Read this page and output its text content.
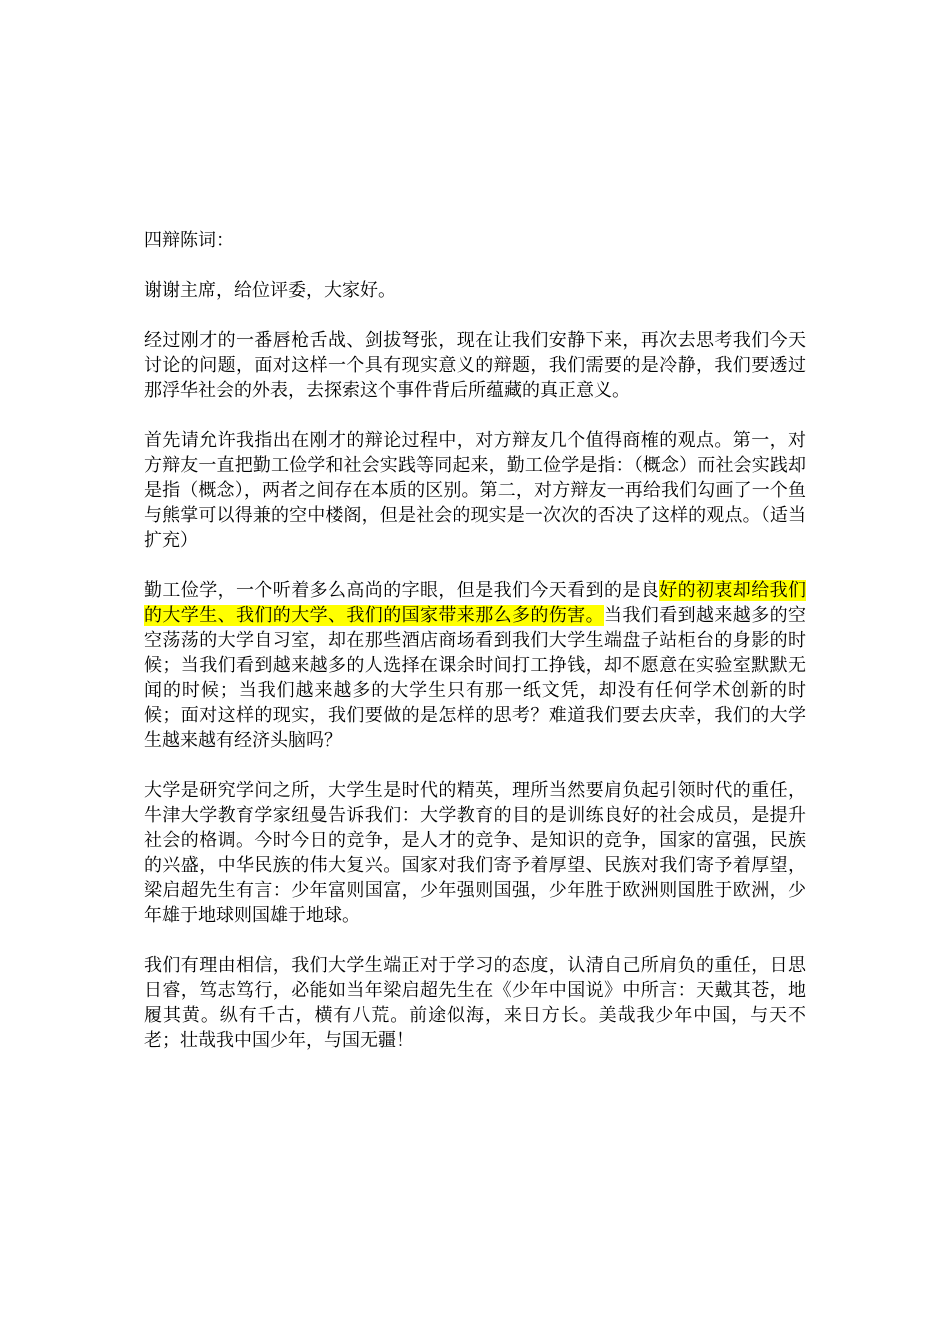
四辩陈词：

谢谢主席，给位评委，大家好。

经过刚才的一番唇枪舌战、剑拔弩张，现在让我们安静下来，再次去思考我们今天讨论的问题，面对这样一个具有现实意义的辩题，我们需要的是冷静，我们要透过那浮华社会的外表，去探索这个事件背后所蕴藏的真正意义。

首先请允许我指出在刚才的辩论过程中，对方辩友几个值得商榷的观点。第一，对方辩友一直把勤工俭学和社会实践等同起来，勤工俭学是指：（概念）而社会实践却是指（概念），两者之间存在本质的区别。第二，对方辩友一再给我们勾画了一个鱼与熊掌可以得兼的空中楼阁，但是社会的现实是一次次的否决了这样的观点。（适当扩充）

勤工俭学，一个听着多么高尚的字眼，但是我们今天看到的是良好的初衷却给我们的大学生、我们的大学、我们的国家带来那么多的伤害。当我们看到越来越多的空空荡荡的大学自习室，却在那些酒店商场看到我们大学生端盘子站柜台的身影的时候；当我们看到越来越多的人选择在课余时间打工挣钱，却不愿意在实验室默默无闻的时候；当我们越来越多的大学生只有那一纸文凭，却没有任何学术创新的时候；面对这样的现实，我们要做的是怎样的思考？难道我们要去庆幸，我们的大学生越来越有经济头脑吗？

大学是研究学问之所，大学生是时代的精英，理所当然要肩负起引领时代的重任，牛津大学教育学家纽曼告诉我们：大学教育的目的是训练良好的社会成员，是提升社会的格调。今时今日的竞争，是人才的竞争、是知识的竞争，国家的富强，民族的兴盛，中华民族的伟大复兴。国家对我们寄予着厚望、民族对我们寄予着厚望，梁启超先生有言：少年富则国富，少年强则国强，少年胜于欧洲则国胜于欧洲，少年雄于地球则国雄于地球。

我们有理由相信，我们大学生端正对于学习的态度，认清自己所肩负的重任，日思日睿，笃志笃行，必能如当年梁启超先生在《少年中国说》中所言：天戴其苍，地履其黄。纵有千古，横有八荒。前途似海，来日方长。美哉我少年中国，与天不老；壮哉我中国少年，与国无疆！
